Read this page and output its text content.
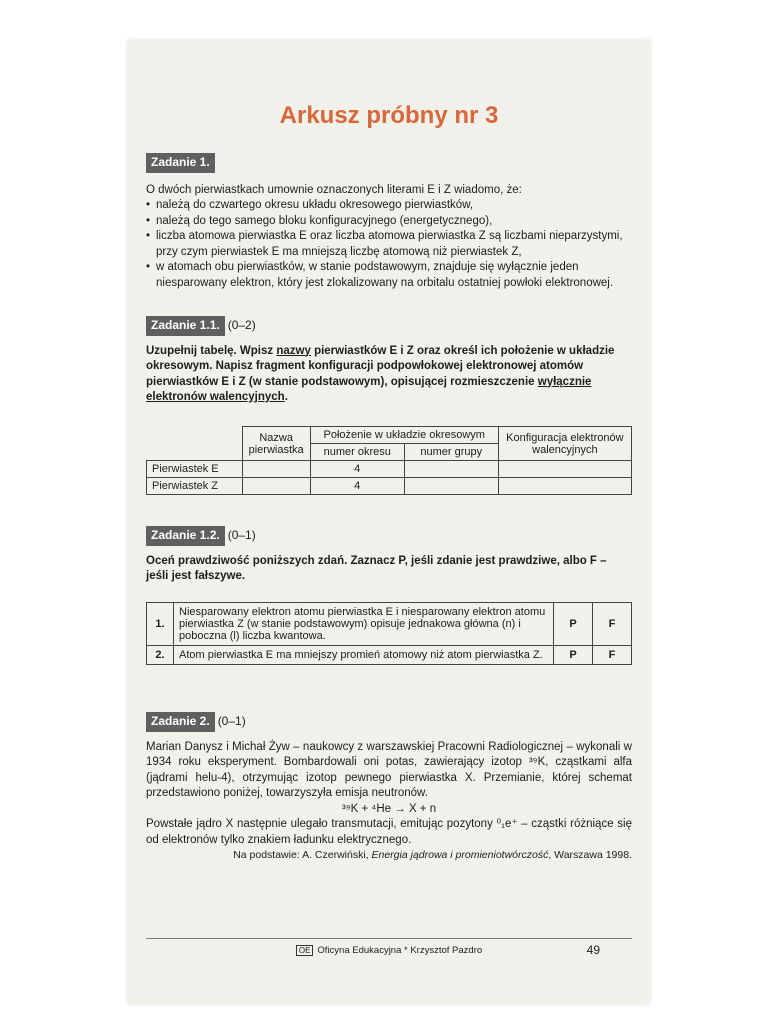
Arkusz próbny nr 3
Zadanie 1.

O dwóch pierwiastkach umownie oznaczonych literami E i Z wiadomo, że:

• należą do czwartego okresu układu okresowego pierwiastków,
• należą do tego samego bloku konfiguracyjnego (energetycznego),
• liczba atomowa pierwiastka E oraz liczba atomowa pierwiastka Z są liczbami nieparzystymi, przy czym pierwiastek E ma mniejszą liczbę atomową niż pierwiastek Z,
• w atomach obu pierwiastków, w stanie podstawowym, znajduje się wyłącznie jeden niesparowany elektron, który jest zlokalizowany na orbitalu ostatniej powłoki elektronowej.
Zadanie 1.1. (0–2)

Uzupełnij tabelę. Wpisz nazwy pierwiastków E i Z oraz określ ich położenie w układzie okresowym. Napisz fragment konfiguracji podpowłokowej elektronowej atomów pierwiastków E i Z (w stanie podstawowym), opisującej rozmieszczenie wyłącznie elektronów walencyjnych.

	Nazwa pierwiastka	Położenie w układzie okresowym		Konfiguracja elektronów walencyjnych
		numer okresu	numer grupy	
Pierwiastek E		4		
Pierwiastek Z		4		
Zadanie 1.2. (0–1)

Oceń prawdziwość poniższych zdań. Zaznacz P, jeśli zdanie jest prawdziwe, albo F – jeśli jest fałszywe.

1.	Niesparowany elektron atomu pierwiastka E i niesparowany elektron atomu pierwiastka Z (w stanie podstawowym) opisuje jednakowa główna (n) i poboczna (l) liczba kwantowa.	P	F
2.	Atom pierwiastka E ma mniejszy promień atomowy niż atom pierwiastka Z.	P	F
Zadanie 2. (0–1)

Marian Danysz i Michał Żyw – naukowcy z warszawskiej Pracowni Radiologicznej – wykonali w 1934 roku eksperyment. Bombardowali oni potas, zawierający izotop ³⁹K, cząstkami alfa (jądrami helu-4), otrzymując izotop pewnego pierwiastka X. Przemianie, której schemat przedstawiono poniżej, towarzyszyła emisja neutronów.

³⁹K + ⁴He → X + n

Powstałe jądro X następnie ulegało transmutacji, emitując pozytony ⁰₁e⁺ – cząstki różniące się od elektronów tylko znakiem ładunku elektrycznego.

Na podstawie: A. Czerwiński, Energia jądrowa i promieniotwórczość, Warszawa 1998.

OE Oficyna Edukacyjna * Krzysztof Pazdro	49
